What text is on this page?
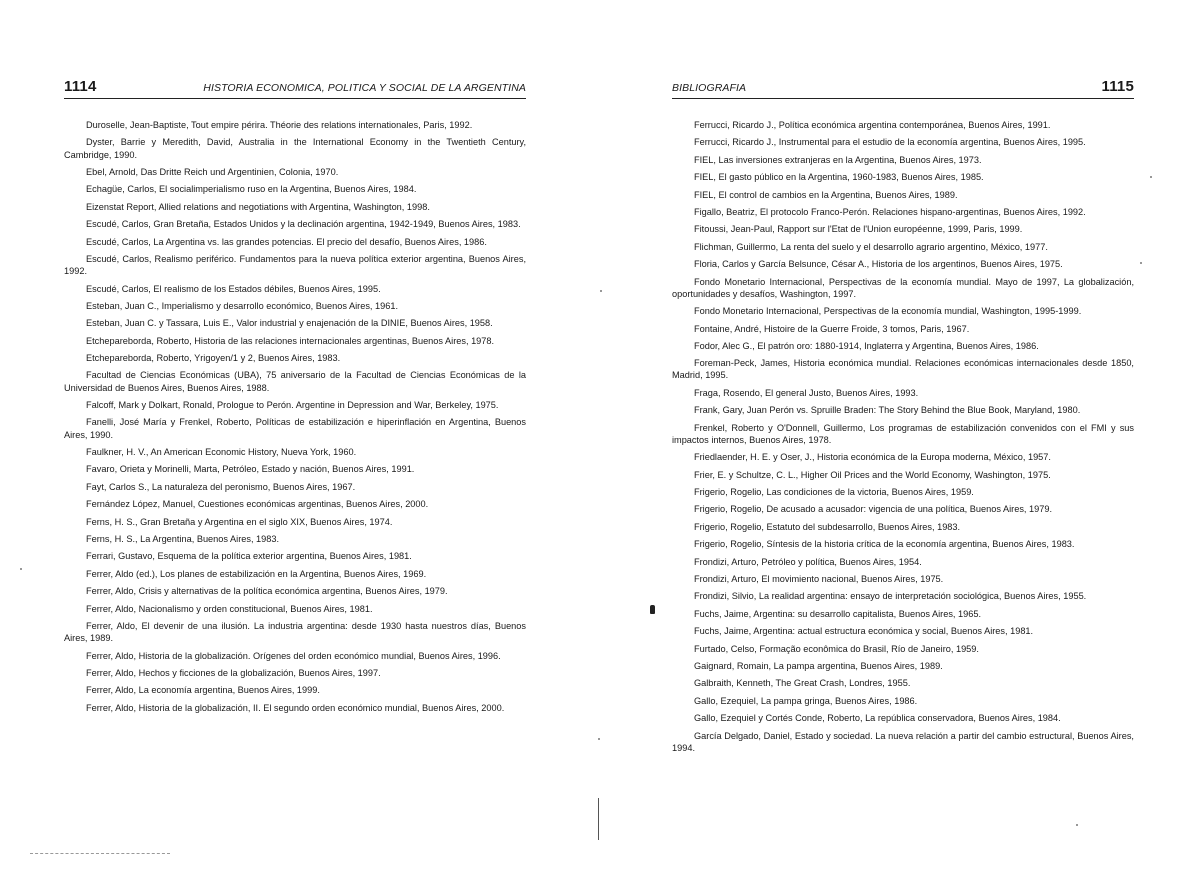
1114	HISTORIA ECONOMICA, POLITICA Y SOCIAL DE LA ARGENTINA
Duroselle, Jean-Baptiste, Tout empire périra. Théorie des relations internationales, Paris, 1992.
Dyster, Barrie y Meredith, David, Australia in the International Economy in the Twentieth Century, Cambridge, 1990.
Ebel, Arnold, Das Dritte Reich und Argentinien, Colonia, 1970.
Echagüe, Carlos, El socialimperialismo ruso en la Argentina, Buenos Aires, 1984.
Eizenstat Report, Allied relations and negotiations with Argentina, Washington, 1998.
Escudé, Carlos, Gran Bretaña, Estados Unidos y la declinación argentina, 1942-1949, Buenos Aires, 1983.
Escudé, Carlos, La Argentina vs. las grandes potencias. El precio del desafío, Buenos Aires, 1986.
Escudé, Carlos, Realismo periférico. Fundamentos para la nueva política exterior argentina, Buenos Aires, 1992.
Escudé, Carlos, El realismo de los Estados débiles, Buenos Aires, 1995.
Esteban, Juan C., Imperialismo y desarrollo económico, Buenos Aires, 1961.
Esteban, Juan C. y Tassara, Luis E., Valor industrial y enajenación de la DINIE, Buenos Aires, 1958.
Etchepareborda, Roberto, Historia de las relaciones internacionales argentinas, Buenos Aires, 1978.
Etchepareborda, Roberto, Yrigoyen/1 y 2, Buenos Aires, 1983.
Facultad de Ciencias Económicas (UBA), 75 aniversario de la Facultad de Ciencias Económicas de la Universidad de Buenos Aires, Buenos Aires, 1988.
Falcoff, Mark y Dolkart, Ronald, Prologue to Perón. Argentine in Depression and War, Berkeley, 1975.
Fanelli, José María y Frenkel, Roberto, Políticas de estabilización e hiperinflación en Argentina, Buenos Aires, 1990.
Faulkner, H. V., An American Economic History, Nueva York, 1960.
Favaro, Orieta y Morinelli, Marta, Petróleo, Estado y nación, Buenos Aires, 1991.
Fayt, Carlos S., La naturaleza del peronismo, Buenos Aires, 1967.
Fernández López, Manuel, Cuestiones económicas argentinas, Buenos Aires, 2000.
Ferns, H. S., Gran Bretaña y Argentina en el siglo XIX, Buenos Aires, 1974.
Ferns, H. S., La Argentina, Buenos Aires, 1983.
Ferrari, Gustavo, Esquema de la política exterior argentina, Buenos Aires, 1981.
Ferrer, Aldo (ed.), Los planes de estabilización en la Argentina, Buenos Aires, 1969.
Ferrer, Aldo, Crisis y alternativas de la política económica argentina, Buenos Aires, 1979.
Ferrer, Aldo, Nacionalismo y orden constitucional, Buenos Aires, 1981.
Ferrer, Aldo, El devenir de una ilusión. La industria argentina: desde 1930 hasta nuestros días, Buenos Aires, 1989.
Ferrer, Aldo, Historia de la globalización. Orígenes del orden económico mundial, Buenos Aires, 1996.
Ferrer, Aldo, Hechos y ficciones de la globalización, Buenos Aires, 1997.
Ferrer, Aldo, La economía argentina, Buenos Aires, 1999.
Ferrer, Aldo, Historia de la globalización, II. El segundo orden económico mundial, Buenos Aires, 2000.
BIBLIOGRAFIA	1115
Ferrucci, Ricardo J., Política económica argentina contemporánea, Buenos Aires, 1991.
Ferrucci, Ricardo J., Instrumental para el estudio de la economía argentina, Buenos Aires, 1995.
FIEL, Las inversiones extranjeras en la Argentina, Buenos Aires, 1973.
FIEL, El gasto público en la Argentina, 1960-1983, Buenos Aires, 1985.
FIEL, El control de cambios en la Argentina, Buenos Aires, 1989.
Figallo, Beatriz, El protocolo Franco-Perón. Relaciones hispano-argentinas, Buenos Aires, 1992.
Fitoussi, Jean-Paul, Rapport sur l'Etat de l'Union européenne, 1999, Paris, 1999.
Flichman, Guillermo, La renta del suelo y el desarrollo agrario argentino, México, 1977.
Floria, Carlos y García Belsunce, César A., Historia de los argentinos, Buenos Aires, 1975.
Fondo Monetario Internacional, Perspectivas de la economía mundial. Mayo de 1997, La globalización, oportunidades y desafíos, Washington, 1997.
Fondo Monetario Internacional, Perspectivas de la economía mundial, Washington, 1995-1999.
Fontaine, André, Histoire de la Guerre Froide, 3 tomos, Paris, 1967.
Fodor, Alec G., El patrón oro: 1880-1914, Inglaterra y Argentina, Buenos Aires, 1986.
Foreman-Peck, James, Historia económica mundial. Relaciones económicas internacionales desde 1850, Madrid, 1995.
Fraga, Rosendo, El general Justo, Buenos Aires, 1993.
Frank, Gary, Juan Perón vs. Spruille Braden: The Story Behind the Blue Book, Maryland, 1980.
Frenkel, Roberto y O'Donnell, Guillermo, Los programas de estabilización convenidos con el FMI y sus impactos internos, Buenos Aires, 1978.
Friedlaender, H. E. y Oser, J., Historia económica de la Europa moderna, México, 1957.
Frier, E. y Schultze, C. L., Higher Oil Prices and the World Economy, Washington, 1975.
Frigerio, Rogelio, Las condiciones de la victoria, Buenos Aires, 1959.
Frigerio, Rogelio, De acusado a acusador: vigencia de una política, Buenos Aires, 1979.
Frigerio, Rogelio, Estatuto del subdesarrollo, Buenos Aires, 1983.
Frigerio, Rogelio, Síntesis de la historia crítica de la economía argentina, Buenos Aires, 1983.
Frondizi, Arturo, Petróleo y política, Buenos Aires, 1954.
Frondizi, Arturo, El movimiento nacional, Buenos Aires, 1975.
Frondizi, Silvio, La realidad argentina: ensayo de interpretación sociológica, Buenos Aires, 1955.
Fuchs, Jaime, Argentina: su desarrollo capitalista, Buenos Aires, 1965.
Fuchs, Jaime, Argentina: actual estructura económica y social, Buenos Aires, 1981.
Furtado, Celso, Formação econômica do Brasil, Río de Janeiro, 1959.
Gaignard, Romain, La pampa argentina, Buenos Aires, 1989.
Galbraith, Kenneth, The Great Crash, Londres, 1955.
Gallo, Ezequiel, La pampa gringa, Buenos Aires, 1986.
Gallo, Ezequiel y Cortés Conde, Roberto, La república conservadora, Buenos Aires, 1984.
García Delgado, Daniel, Estado y sociedad. La nueva relación a partir del cambio estructural, Buenos Aires, 1994.
